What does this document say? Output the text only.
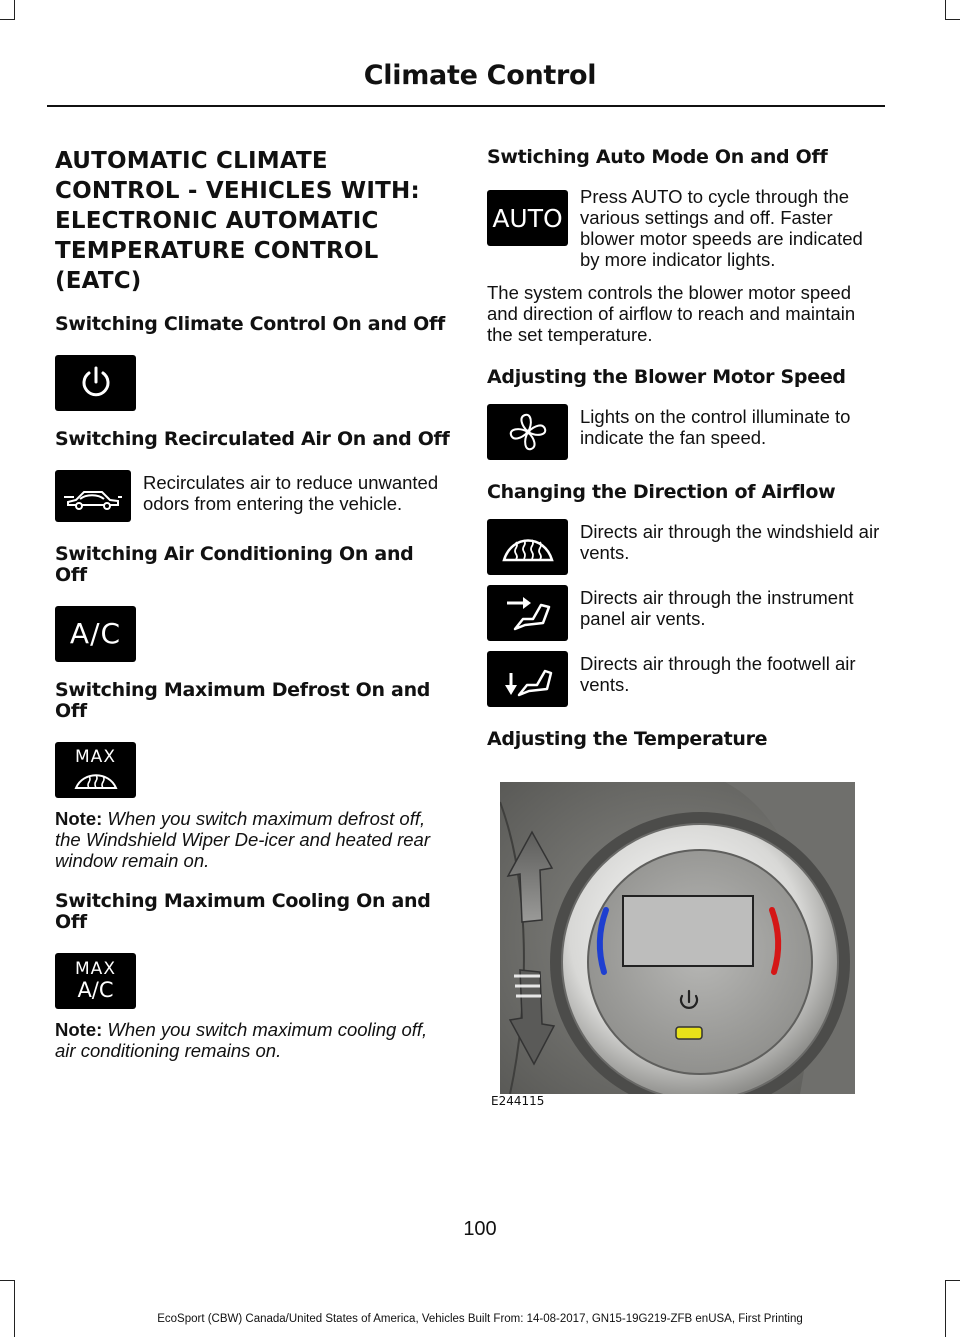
Climate Control
AUTOMATIC CLIMATE CONTROL - VEHICLES WITH: ELECTRONIC AUTOMATIC TEMPERATURE CONTROL (EATC)
Switching Climate Control On and Off
Switching Recirculated Air On and Off
Recirculates air to reduce unwanted odors from entering the vehicle.
Switching Air Conditioning On and Off
A/C
Switching Maximum Defrost On and Off
MAX
Note: When you switch maximum defrost off, the Windshield Wiper De-icer and heated rear window remain on.
Switching Maximum Cooling On and Off
MAX
A/C
Note: When you switch maximum cooling off, air conditioning remains on.
Swtiching Auto Mode On and Off
AUTO
Press AUTO to cycle through the various settings and off. Faster blower motor speeds are indicated by more indicator lights.
The system controls the blower motor speed and direction of airflow to reach and maintain the set temperature.
Adjusting the Blower Motor Speed
Lights on the control illuminate to indicate the fan speed.
Changing the Direction of Airflow
Directs air through the windshield air vents.
Directs air through the instrument panel air vents.
Directs air through the footwell air vents.
Adjusting the Temperature
E244115
100
EcoSport (CBW) Canada/United States of America, Vehicles Built From: 14-08-2017, GN15-19G219-ZFB enUSA, First Printing
